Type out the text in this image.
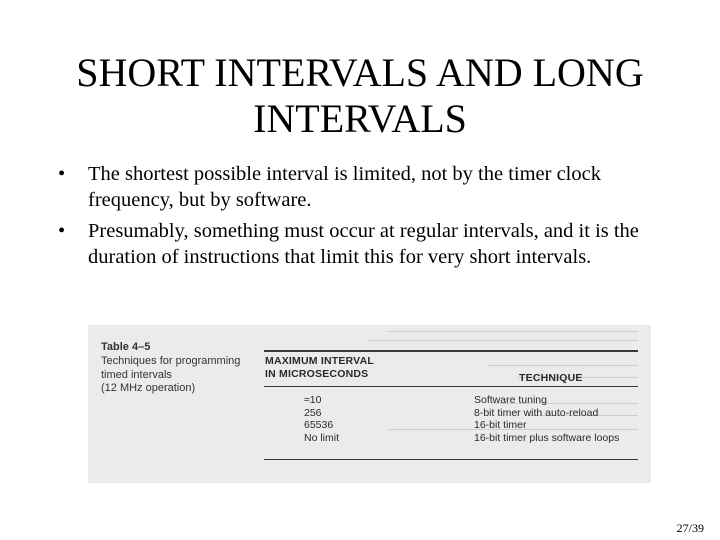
SHORT INTERVALS AND LONG
INTERVALS
• The shortest possible interval is limited, not by the timer clock frequency, but by software.
• Presumably, something must occur at regular intervals, and it is the duration of instructions that limit this for very short intervals.
Table 4–5
Techniques for programming
timed intervals
(12 MHz operation)
MAXIMUM INTERVAL
IN MICROSECONDS	TECHNIQUE
≈10
256
65536
No limit
Software tuning
8-bit timer with auto-reload
16-bit timer
16-bit timer plus software loops
27/39
